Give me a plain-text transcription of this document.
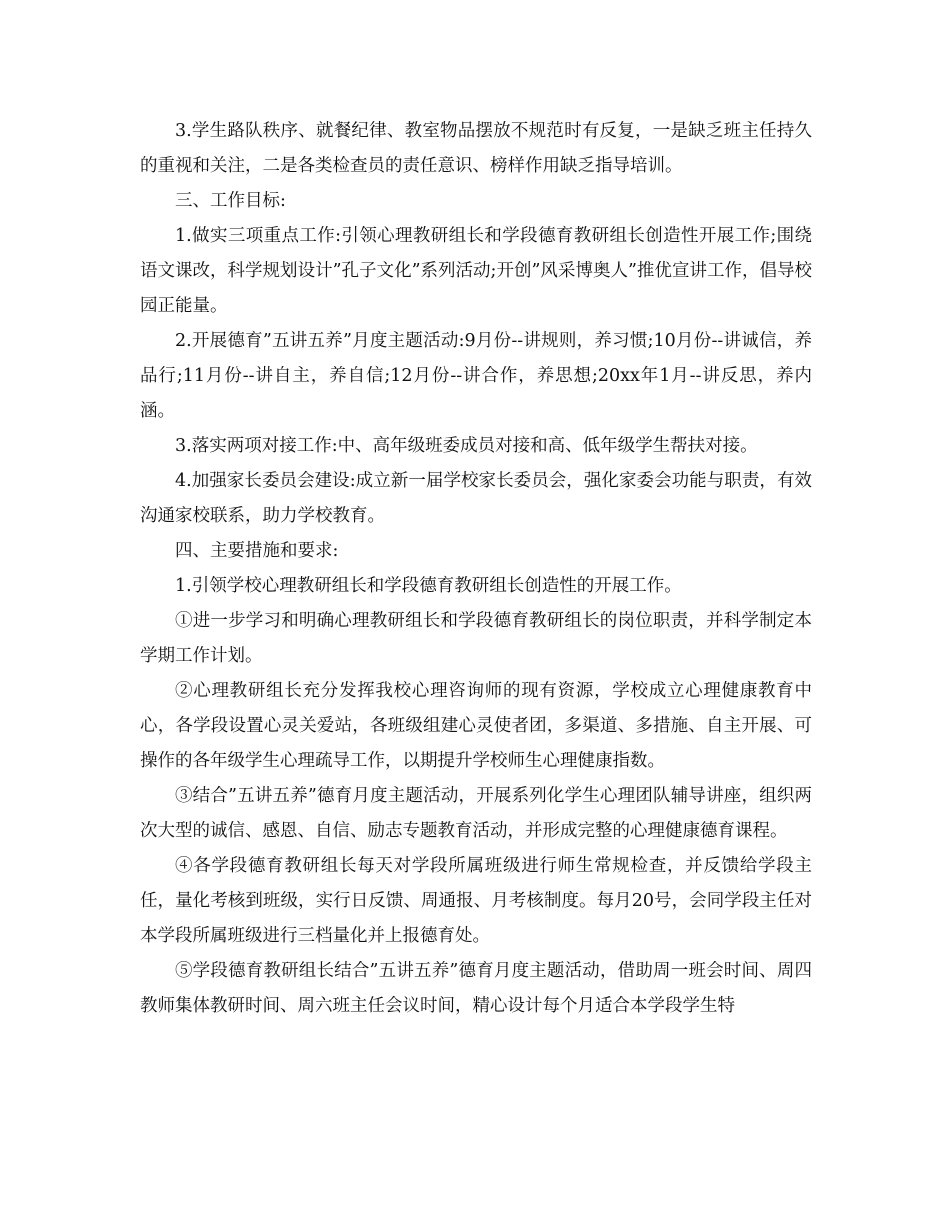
3.学生路队秩序、就餐纪律、教室物品摆放不规范时有反复，一是缺乏班主任持久的重视和关注，二是各类检查员的责任意识、榜样作用缺乏指导培训。

三、工作目标:

1.做实三项重点工作:引领心理教研组长和学段德育教研组长创造性开展工作;围绕语文课改，科学规划设计”孔子文化”系列活动;开创”风采博奥人”推优宣讲工作，倡导校园正能量。

2.开展德育”五讲五养”月度主题活动:9月份--讲规则，养习惯;10月份--讲诚信，养品行;11月份--讲自主，养自信;12月份--讲合作，养思想;20xx年1月--讲反思，养内涵。

3.落实两项对接工作:中、高年级班委成员对接和高、低年级学生帮扶对接。

4.加强家长委员会建设:成立新一届学校家长委员会，强化家委会功能与职责，有效沟通家校联系，助力学校教育。

四、主要措施和要求:

1.引领学校心理教研组长和学段德育教研组长创造性的开展工作。

①进一步学习和明确心理教研组长和学段德育教研组长的岗位职责，并科学制定本学期工作计划。

②心理教研组长充分发挥我校心理咨询师的现有资源，学校成立心理健康教育中心，各学段设置心灵关爱站，各班级组建心灵使者团，多渠道、多措施、自主开展、可操作的各年级学生心理疏导工作，以期提升学校师生心理健康指数。

③结合”五讲五养”德育月度主题活动，开展系列化学生心理团队辅导讲座，组织两次大型的诚信、感恩、自信、励志专题教育活动，并形成完整的心理健康德育课程。

④各学段德育教研组长每天对学段所属班级进行师生常规检查，并反馈给学段主任，量化考核到班级，实行日反馈、周通报、月考核制度。每月20号，会同学段主任对本学段所属班级进行三档量化并上报德育处。

⑤学段德育教研组长结合”五讲五养”德育月度主题活动，借助周一班会时间、周四教师集体教研时间、周六班主任会议时间，精心设计每个月适合本学段学生特
